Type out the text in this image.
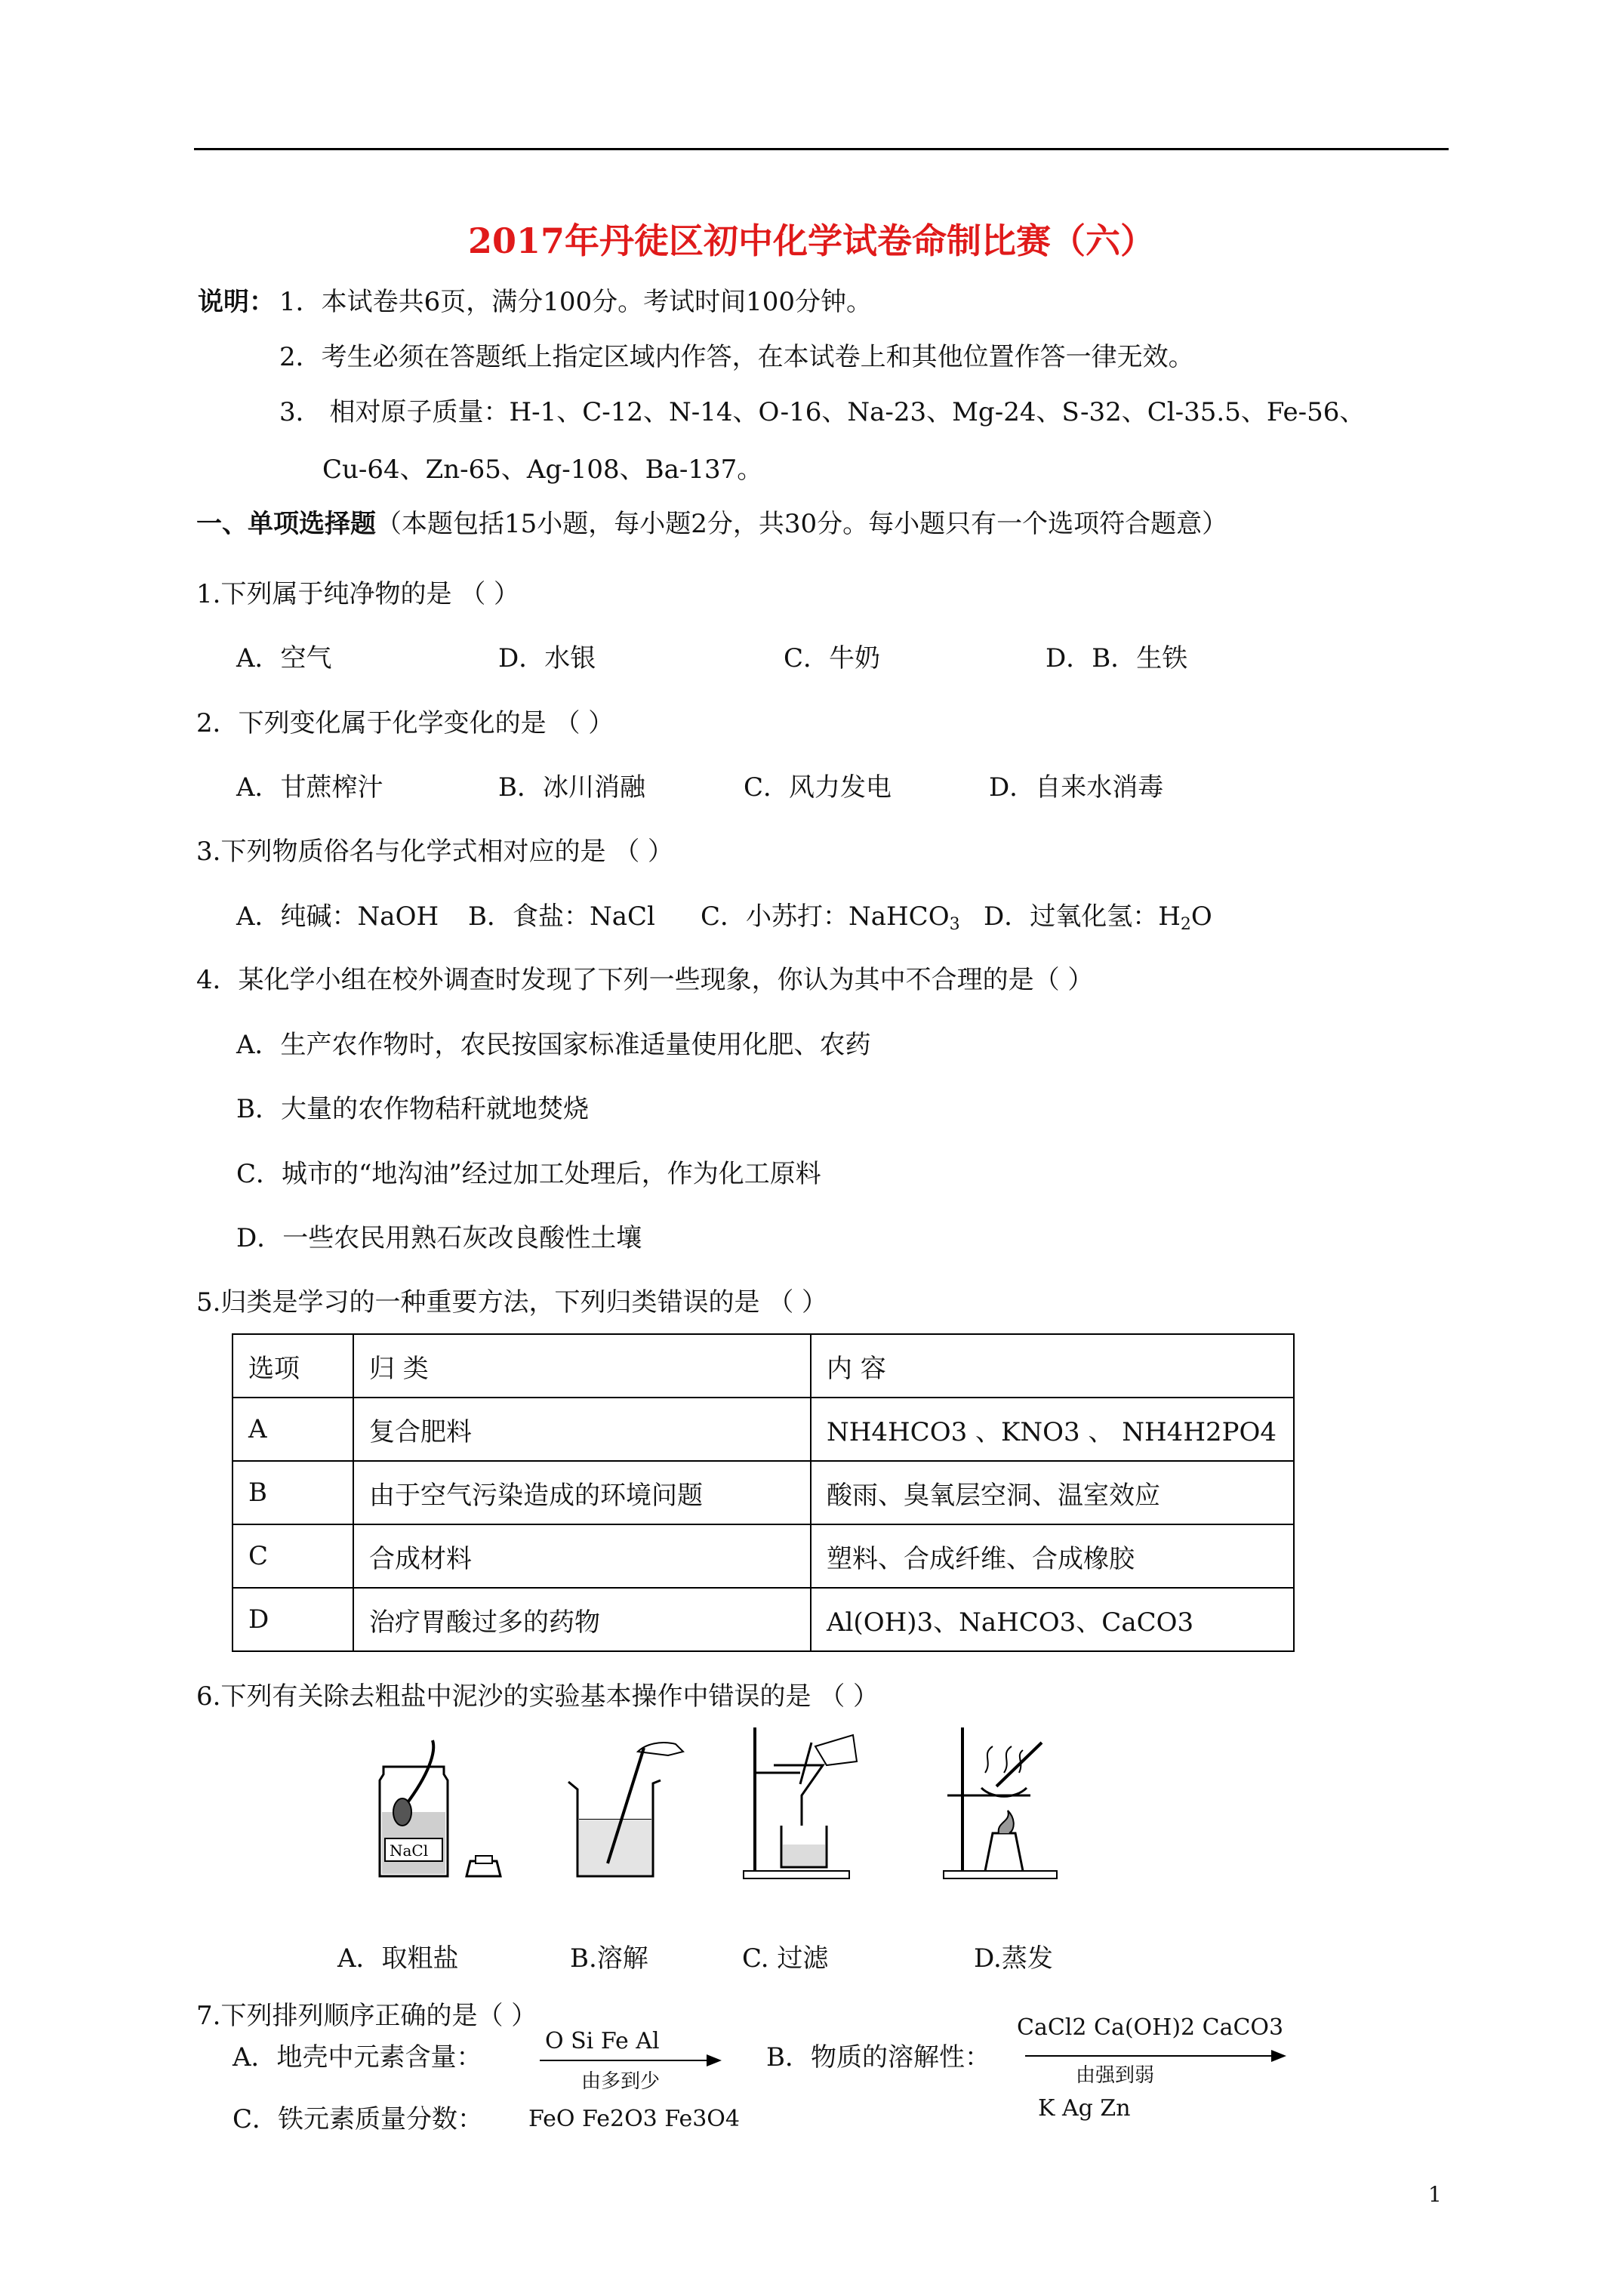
2017年丹徒区初中化学试卷命制比赛（六）
说明： 1．本试卷共6页，满分100分。考试时间100分钟。
2．考生必须在答题纸上指定区域内作答，在本试卷上和其他位置作答一律无效。
3． 相对原子质量：H-1、C-12、N-14、O-16、Na-23、Mg-24、S-32、Cl-35.5、Fe-56、
Cu-64、Zn-65、Ag-108、Ba-137。
一、单项选择题（本题包括15小题，每小题2分，共30分。每小题只有一个选项符合题意）
1.下列属于纯净物的是 （ ）
A．空气	D．水银	C．牛奶	D．B．生铁
2．下列变化属于化学变化的是 （ ）
A．甘蔗榨汁	B．冰川消融	C．风力发电	D．自来水消毒
3.下列物质俗名与化学式相对应的是 （ ）
A．纯碱：NaOH B．食盐：NaCl C．小苏打：NaHCO$_3$ D．过氧化氢：$H_2O$
4．某化学小组在校外调查时发现了下列一些现象，你认为其中不合理的是（ ）
A．生产农作物时，农民按国家标准适量使用化肥、农药
B．大量的农作物秸秆就地焚烧
C．城市的“地沟油”经过加工处理后，作为化工原料
D．一些农民用熟石灰改良酸性土壤
5.归类是学习的一种重要方法，下列归类错误的是 （ ）
选项	归 类	内 容
A	复合肥料	NH4HCO3 、KNO3 、 NH4H2PO4
B	由于空气污染造成的环境问题	酸雨、臭氧层空洞、温室效应
C	合成材料	塑料、合成纤维、合成橡胶
D	治疗胃酸过多的药物	Al(OH)3、NaHCO3、CaCO3
6.下列有关除去粗盐中泥沙的实验基本操作中错误的是 （ ）
NaCl
A．取粗盐	B.溶解	C. 过滤	D.蒸发
7.下列排列顺序正确的是（ ）
A．地壳中元素含量：
O Si Fe Al
由多到少
B．物质的溶解性：
CaCl2 Ca(OH)2 CaCO3
由强到弱
K Ag Zn
C．铁元素质量分数： FeO Fe2O3 Fe3O4
1
